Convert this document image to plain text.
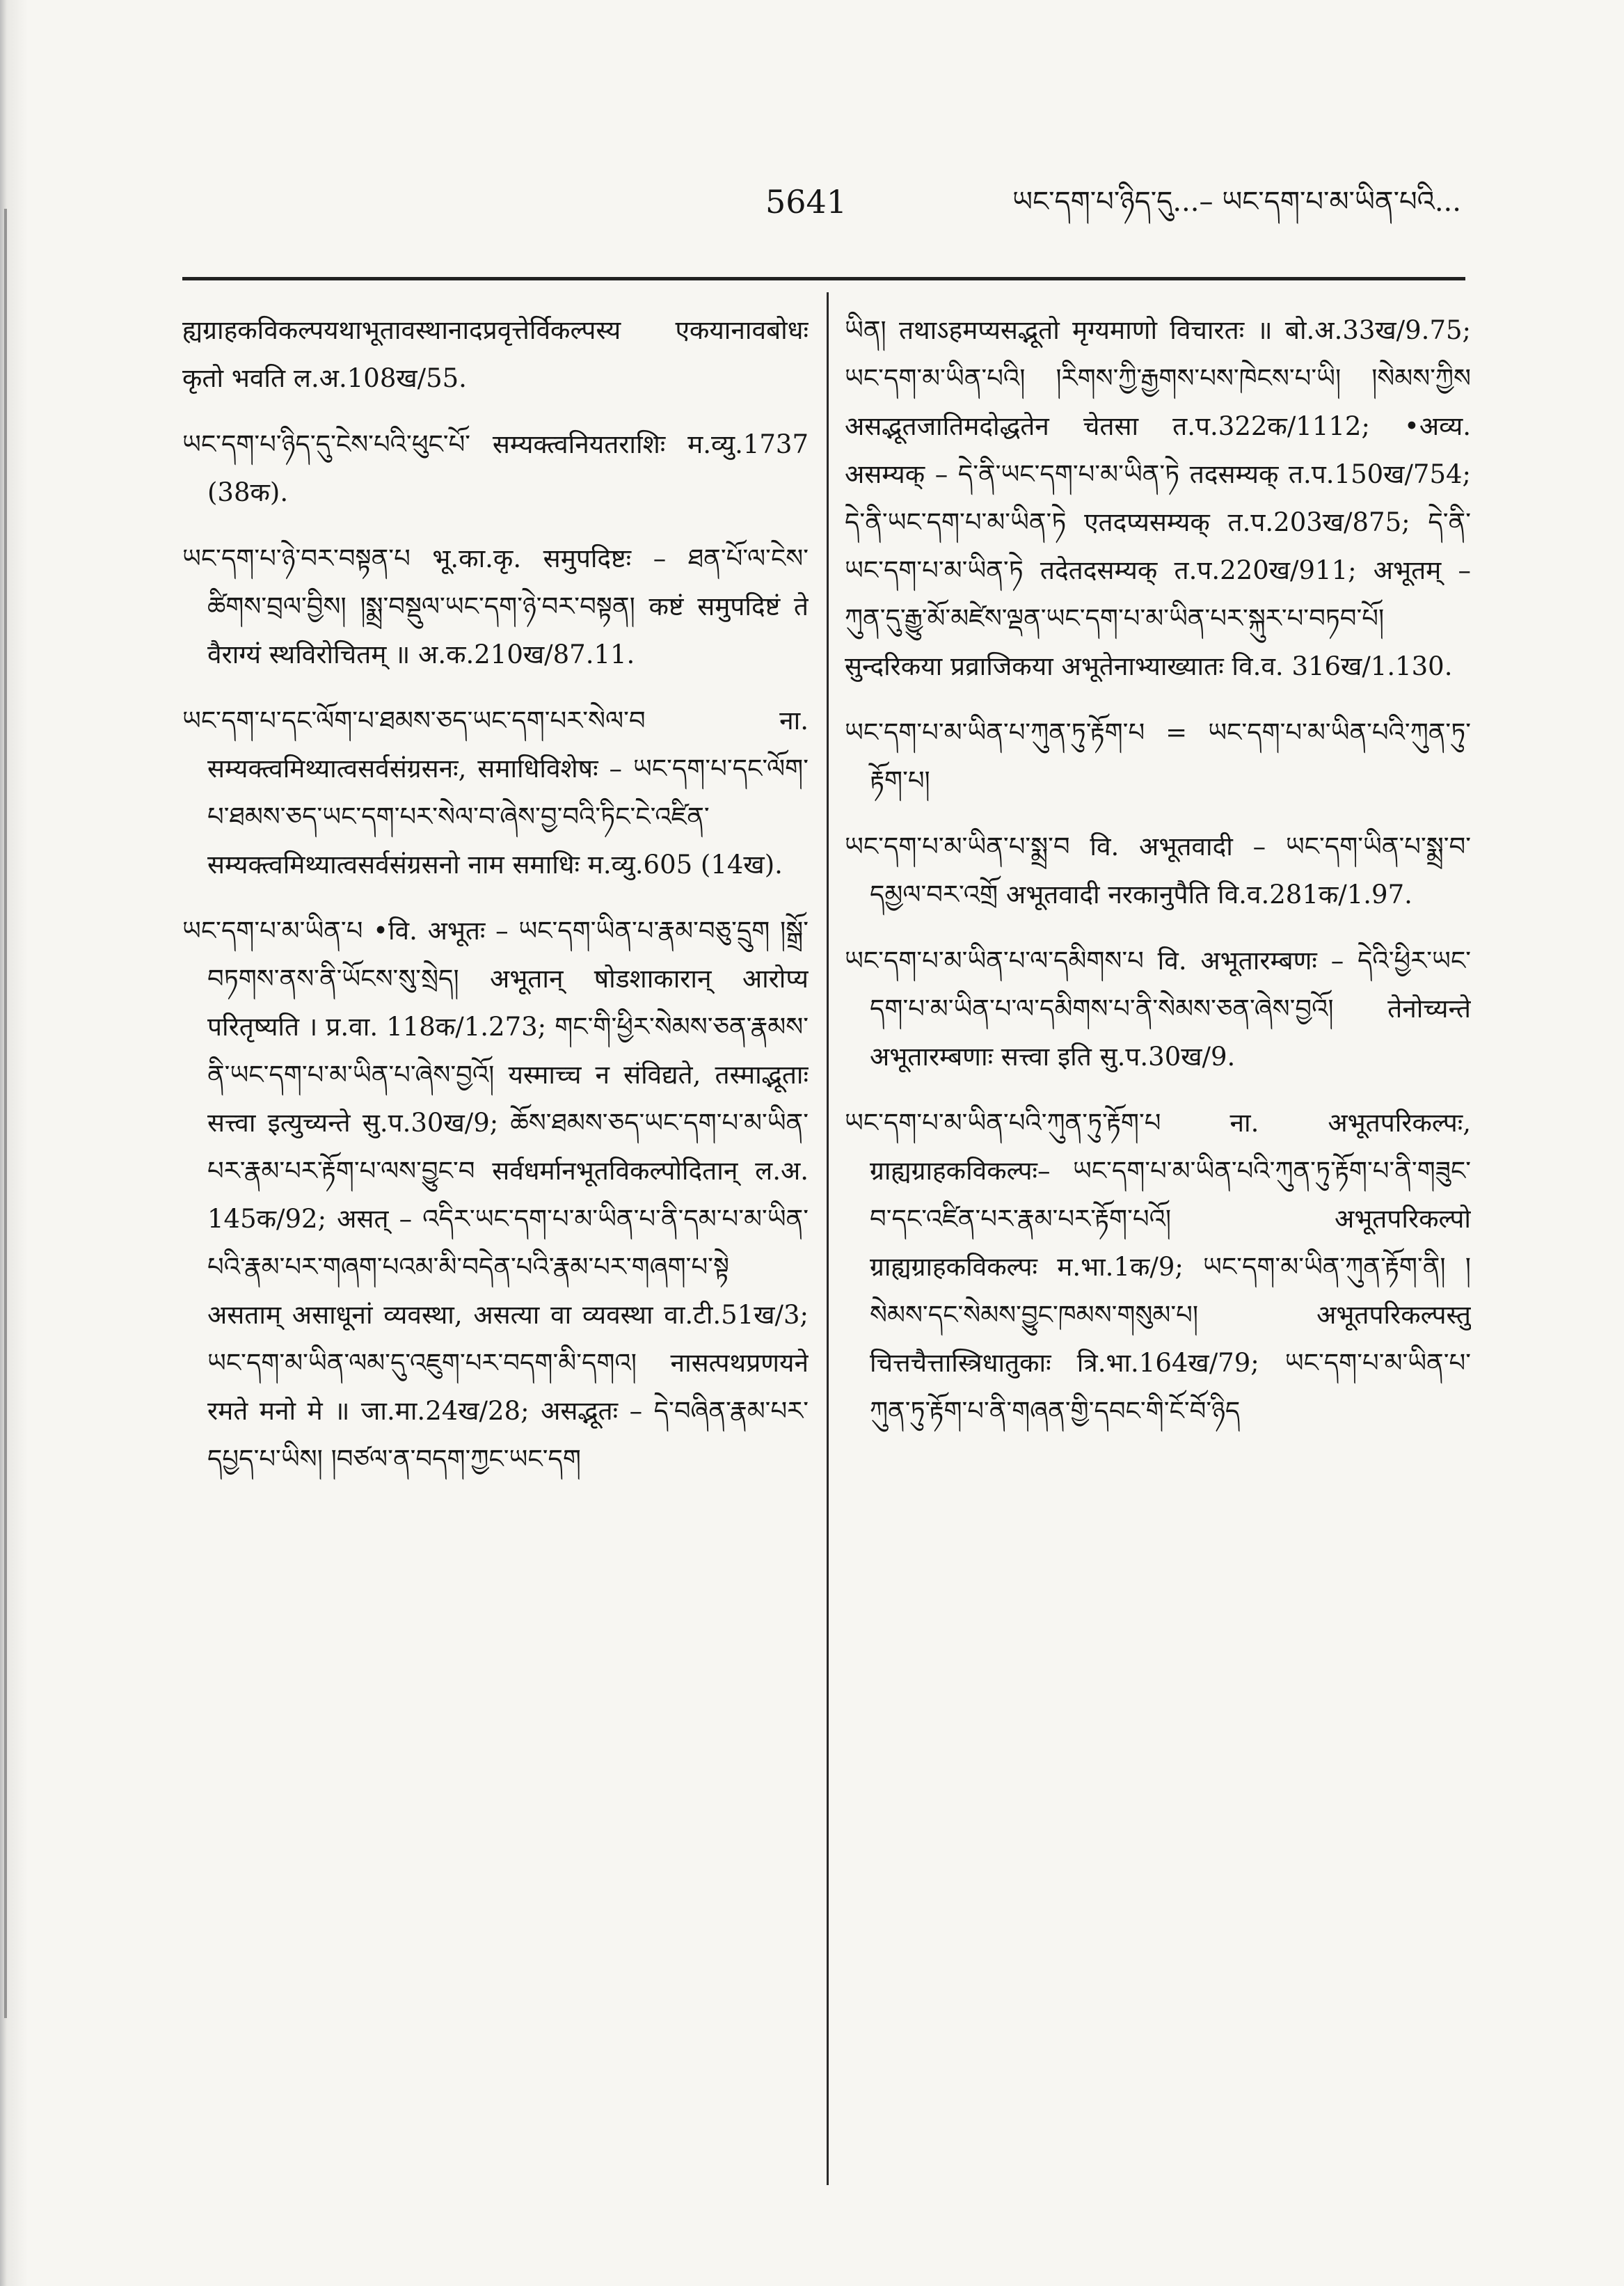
5641	ཡང་དག་པ་ཉིད་དུ...– ཡང་དག་པ་མ་ཡིན་པའི...

ह्यग्राहकविकल्पयथाभूतावस्थानादप्रवृत्तेर्विकल्पस्य एकयानावबोधः कृतो भवति ल.अ.108ख/55.

ཡང་དག་པ་ཉིད་དུ་ངེས་པའི་ཕུང་པོ་ सम्यक्त्वनियतराशिः म.व्यु.1737 (38क).

ཡང་དག་པ་ཉེ་བར་བསྟན་པ भू.का.कृ. समुपदिष्टः – ཐན་པོ་ལ་ངེས་ཚིགས་བྲལ་བྱིས། །སྨྲ་བསྡུལ་ཡང་དག་ཉེ་བར་བསྟན། कष्टं समुपदिष्टं ते वैराग्यं स्थविरोचितम् ॥ अ.क.210ख/87.11.

ཡང་དག་པ་དང་ལོག་པ་ཐམས་ཅད་ཡང་དག་པར་སེལ་བ ना. सम्यक्त्वमिथ्यात्वसर्वसंग्रसनः, समाधिविशेषः – ཡང་དག་པ་དང་ལོག་པ་ཐམས་ཅད་ཡང་དག་པར་སེལ་བ་ཞེས་བྱ་བའི་ཏིང་ངེ་འཛིན་ सम्यक्त्वमिथ्यात्वसर्वसंग्रसनो नाम समाधिः म.व्यु.605 (14ख).

ཡང་དག་པ་མ་ཡིན་པ •वि. अभूतः – ཡང་དག་ཡིན་པ་རྣམ་བཅུ་དྲུག །སྒྲོ་བཏགས་ནས་ནི་ཡོངས་སུ་སྲེད། अभूतान् षोडशाकारान् आरोप्य परितृष्यति । प्र.वा. 118क/1.273; གང་གི་ཕྱིར་སེམས་ཅན་རྣམས་ནི་ཡང་དག་པ་མ་ཡིན་པ་ཞེས་བྱའོ། यस्माच्च न संविद्यते, तस्माद्भूताः सत्त्वा इत्युच्यन्ते सु.प.30ख/9; ཆོས་ཐམས་ཅད་ཡང་དག་པ་མ་ཡིན་པར་རྣམ་པར་རྟོག་པ་ལས་བྱུང་བ सर्वधर्मानभूतविकल्पोदितान् ल.अ. 145क/92; असत् – འདིར་ཡང་དག་པ་མ་ཡིན་པ་ནི་དམ་པ་མ་ཡིན་པའི་རྣམ་པར་གཞག་པའམ་མི་བདེན་པའི་རྣམ་པར་གཞག་པ་སྟེ असताम् असाधूनां व्यवस्था, असत्या वा व्यवस्था वा.टी.51ख/3; ཡང་དག་མ་ཡིན་ལམ་དུ་འཇུག་པར་བདག་མི་དགའ། नासत्पथप्रणयने रमते मनो मे ॥ जा.मा.24ख/28; असद्भूतः – དེ་བཞིན་རྣམ་པར་དཔྱད་པ་ཡིས། །བཙལ་ན་བདག་ཀྱང་ཡང་དག

ཡིན། तथाऽहमप्यसद्भूतो मृग्यमाणो विचारतः ॥ बो.अ.33ख/9.75; ཡང་དག་མ་ཡིན་པའི། །རིགས་ཀྱི་རྒྱགས་པས་ཁེངས་པ་ཡི། །སེམས་ཀྱིས असद्भूतजातिमदोद्धतेन चेतसा त.प.322क/1112; •अव्य. असम्यक् – དེ་ནི་ཡང་དག་པ་མ་ཡིན་ཏེ तदसम्यक् त.प.150ख/754; དེ་ནི་ཡང་དག་པ་མ་ཡིན་ཏེ एतदप्यसम्यक् त.प.203ख/875; དེ་ནི་ཡང་དག་པ་མ་ཡིན་ཏེ तदेतदसम्यक् त.प.220ख/911; अभूतम् – ཀུན་དུ་རྒྱུ་མོ་མཛེས་ལྡན་ཡང་དག་པ་མ་ཡིན་པར་སྐུར་པ་བཏབ་པོ། सुन्दरिकया प्रव्राजिकया अभूतेनाभ्याख्यातः वि.व. 316ख/1.130.

ཡང་དག་པ་མ་ཡིན་པ་ཀུན་ཏུ་རྟོག་པ = ཡང་དག་པ་མ་ཡིན་པའི་ཀུན་ཏུ་རྟོག་པ།

ཡང་དག་པ་མ་ཡིན་པ་སྨྲ་བ वि. अभूतवादी – ཡང་དག་ཡིན་པ་སྨྲ་བ་དམྱལ་བར་འགྲོ अभूतवादी नरकानुपैति वि.व.281क/1.97.

ཡང་དག་པ་མ་ཡིན་པ་ལ་དམིགས་པ वि. अभूतारम्बणः – དེའི་ཕྱིར་ཡང་དག་པ་མ་ཡིན་པ་ལ་དམིགས་པ་ནི་སེམས་ཅན་ཞེས་བྱའོ། तेनोच्यन्ते अभूतारम्बणाः सत्त्वा इति सु.प.30ख/9.

ཡང་དག་པ་མ་ཡིན་པའི་ཀུན་ཏུ་རྟོག་པ ना. अभूतपरिकल्पः, ग्राह्यग्राहकविकल्पः– ཡང་དག་པ་མ་ཡིན་པའི་ཀུན་ཏུ་རྟོག་པ་ནི་གཟུང་བ་དང་འཛིན་པར་རྣམ་པར་རྟོག་པའོ། अभूतपरिकल्पो ग्राह्यग्राहकविकल्पः म.भा.1क/9; ཡང་དག་མ་ཡིན་ཀུན་རྟོག་ནི། །སེམས་དང་སེམས་བྱུང་ཁམས་གསུམ་པ། अभूतपरिकल्पस्तु चित्तचैत्तास्त्रिधातुकाः त्रि.भा.164ख/79; ཡང་དག་པ་མ་ཡིན་པ་ཀུན་ཏུ་རྟོག་པ་ནི་གཞན་གྱི་དབང་གི་ངོ་བོ་ཉིད
